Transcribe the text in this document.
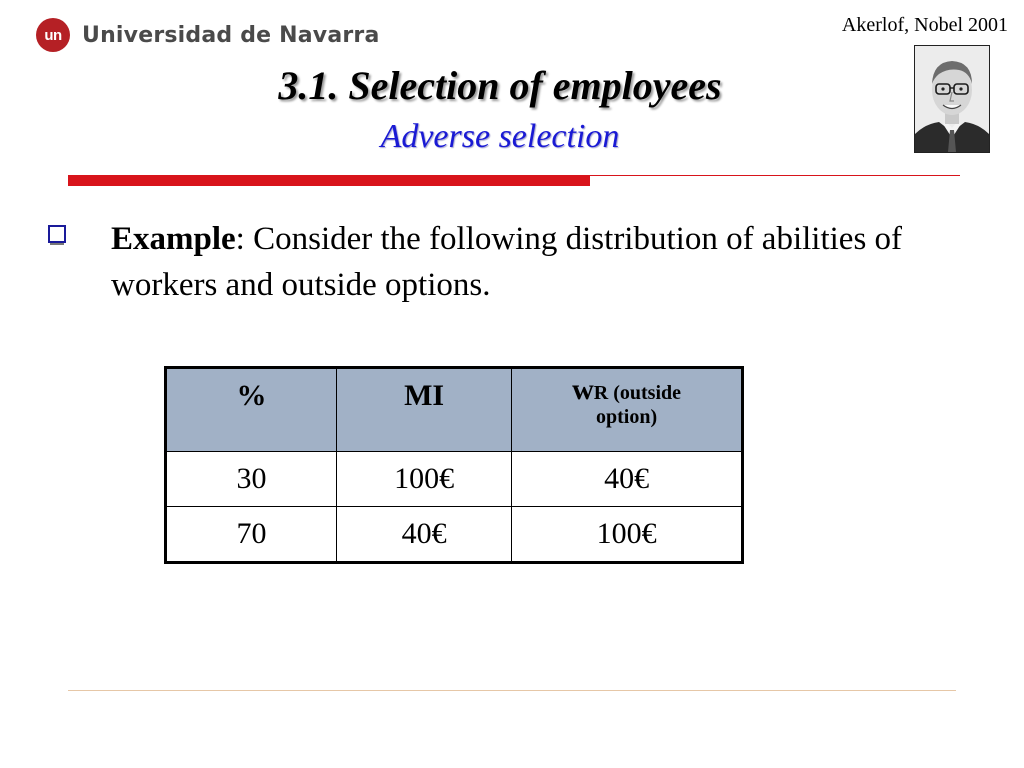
un Universidad de Navarra	Akerlof, Nobel 2001
3.1. Selection of employees
Adverse selection
Example: Consider the following distribution of abilities of workers and outside options.
%	MI	wR (outside
option)

30	100€	40€
70	40€	100€
